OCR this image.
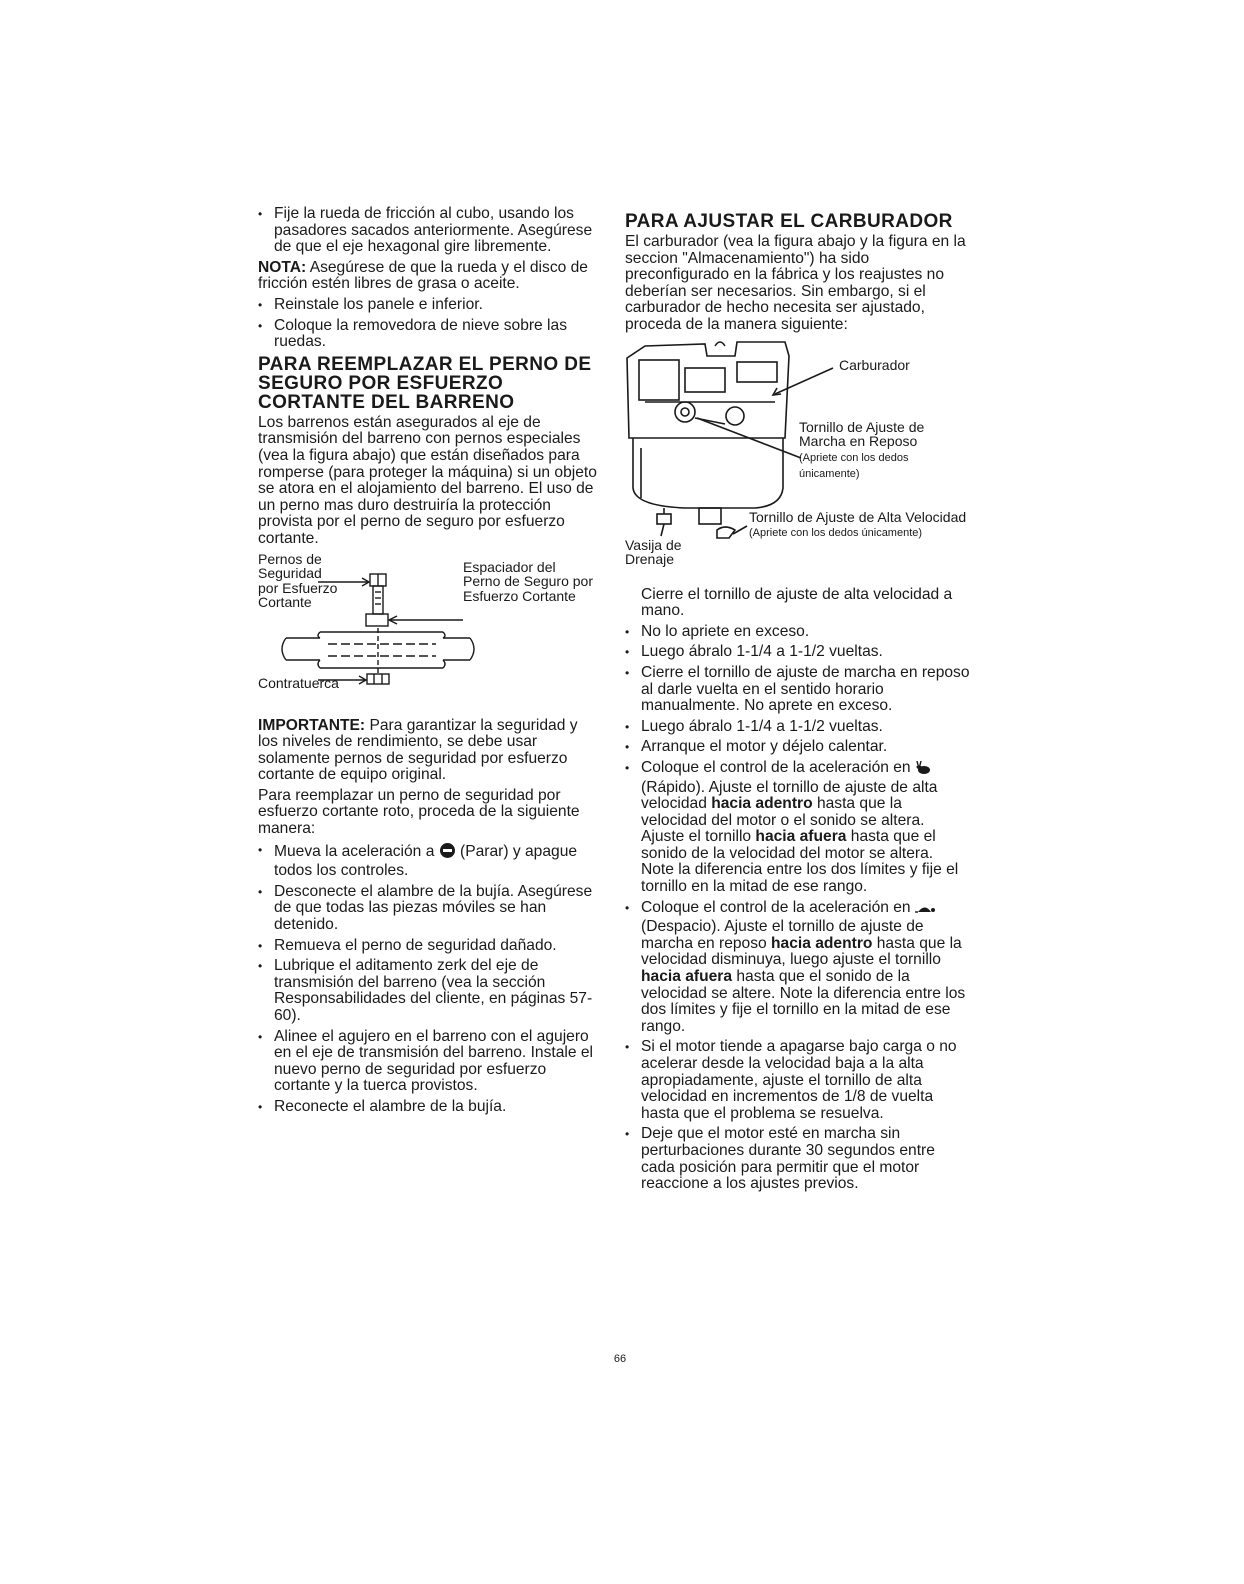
• Fije la rueda de fricción al cubo, usando los pasadores sacados anteriormente. Asegúrese de que el eje hexagonal gire libremente.

NOTA: Asegúrese de que la rueda y el disco de fricción estén libres de grasa o aceite.

• Reinstale los panele e inferior.
• Coloque la removedora de nieve sobre las ruedas.
PARA REEMPLAZAR EL PERNO DE SEGURO POR ESFUERZO CORTANTE DEL BARRENO

Los barrenos están asegurados al eje de transmisión del barreno con pernos especiales (vea la figura abajo) que están diseñados para romperse (para proteger la máquina) si un objeto se atora en el alojamiento del barreno. El uso de un perno mas duro destruiría la protección provista por el perno de seguro por esfuerzo cortante.

Pernos de Seguridad por Esfuerzo Cortante
Espaciador del Perno de Seguro por Esfuerzo Cortante
Contratuerca

IMPORTANTE: Para garantizar la seguridad y los niveles de rendimiento, se debe usar solamente pernos de seguridad por esfuerzo cortante de equipo original.

Para reemplazar un perno de seguridad por esfuerzo cortante roto, proceda de la siguiente manera:

• Mueva la aceleración a  (Parar) y apague todos los controles.
• Desconecte el alambre de la bujía. Asegúrese de que todas las piezas móviles se han detenido.
• Remueva el perno de seguridad dañado.
• Lubrique el aditamento zerk del eje de transmisión del barreno (vea la sección Responsabilidades del cliente, en páginas 57-60).
• Alinee el agujero en el barreno con el agujero en el eje de transmisión del barreno. Instale el nuevo perno de seguridad por esfuerzo cortante y la tuerca provistos.
• Reconecte el alambre de la bujía.
PARA AJUSTAR EL CARBURADOR

El carburador (vea la figura abajo y la figura en la seccion "Almacenamiento") ha sido preconfigurado en la fábrica y los reajustes no deberían ser necesarios. Sin embargo, si el carburador de hecho necesita ser ajustado, proceda de la manera siguiente:

Carburador
Tornillo de Ajuste de Marcha en Reposo
(Apriete con los dedos únicamente)
Tornillo de Ajuste de Alta Velocidad (Apriete con los dedos únicamente)
Vasija de Drenaje

Cierre el tornillo de ajuste de alta velocidad a mano.

• No lo apriete en exceso.
• Luego ábralo 1-1/4 a 1-1/2 vueltas.
• Cierre el tornillo de ajuste de marcha en reposo al darle vuelta en el sentido horario manualmente. No aprete en exceso.
• Luego ábralo 1-1/4 a 1-1/2 vueltas.
• Arranque el motor y déjelo calentar.
• Coloque el control de la aceleración en  (Rápido). Ajuste el tornillo de ajuste de alta velocidad hacia adentro hasta que la velocidad del motor o el sonido se altera. Ajuste el tornillo hacia afuera hasta que el sonido de la velocidad del motor se altera. Note la diferencia entre los dos límites y fije el tornillo en la mitad de ese rango.
• Coloque el control de la aceleración en  (Despacio). Ajuste el tornillo de ajuste de marcha en reposo hacia adentro hasta que la velocidad disminuya, luego ajuste el tornillo hacia afuera hasta que el sonido de la velocidad se altere. Note la diferencia entre los dos límites y fije el tornillo en la mitad de ese rango.
• Si el motor tiende a apagarse bajo carga o no acelerar desde la velocidad baja a la alta apropiadamente, ajuste el tornillo de alta velocidad en incrementos de 1/8 de vuelta hasta que el problema se resuelva.
• Deje que el motor esté en marcha sin perturbaciones durante 30 segundos entre cada posición para permitir que el motor reaccione a los ajustes previos.
66
